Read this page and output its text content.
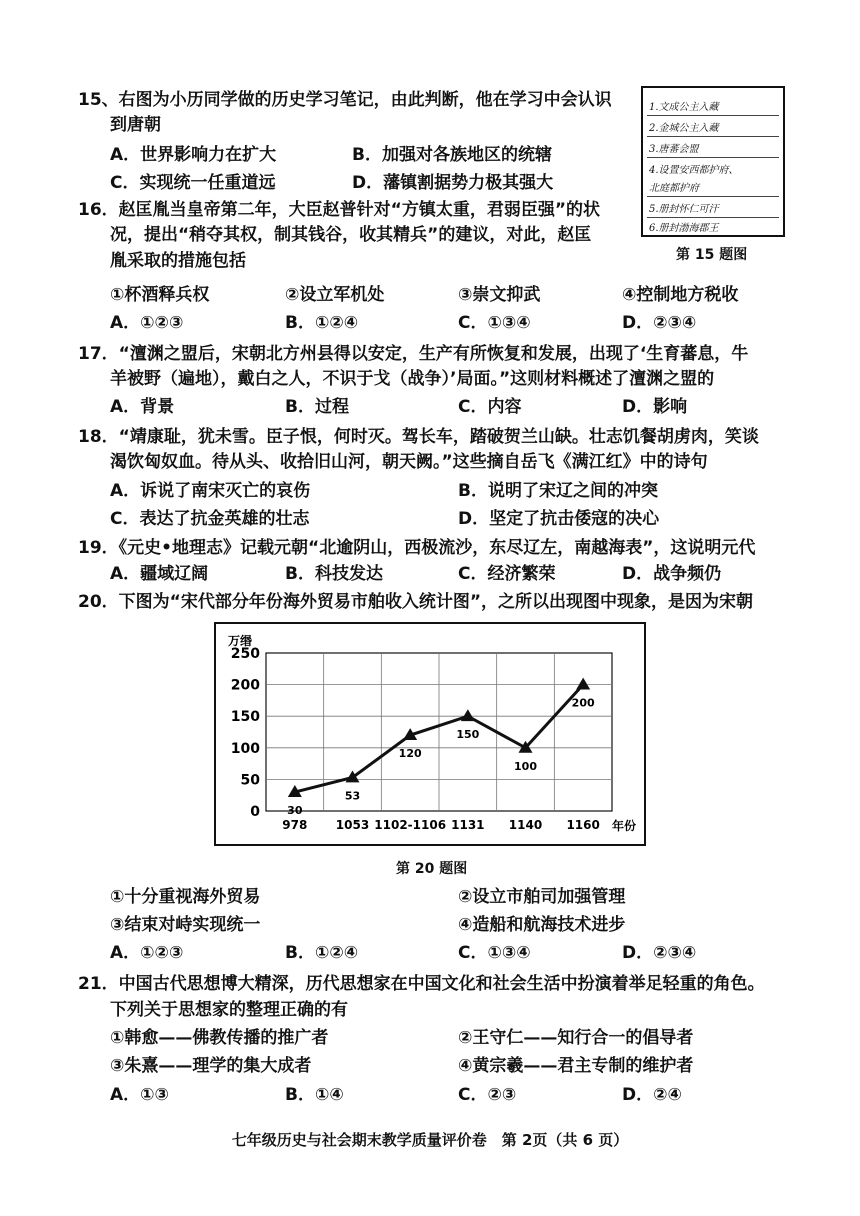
15、右图为小历同学做的历史学习笔记，由此判断，他在学习中会认识
到唐朝
A．世界影响力在扩大	B．加强对各族地区的统辖
C．实现统一任重道远	D．藩镇割据势力极其强大
1.文成公主入藏
2.金城公主入藏
3.唐蕃会盟
4.设置安西都护府、
北庭都护府
5.册封怀仁可汗
6.册封渤海郡王
第 15 题图
16．赵匡胤当皇帝第二年，大臣赵普针对“方镇太重，君弱臣强”的状
况，提出“稍夺其权，制其钱谷，收其精兵”的建议，对此，赵匡
胤采取的措施包括
①杯酒释兵权	②设立军机处	③崇文抑武	④控制地方税收
A．①②③	B．①②④	C．①③④	D．②③④
17．“澶渊之盟后，宋朝北方州县得以安定，生产有所恢复和发展，出现了‘生育蕃息，牛
羊被野（遍地），戴白之人，不识于戈（战争）’局面。”这则材料概述了澶渊之盟的
A．背景	B．过程	C．内容	D．影响
18．“靖康耻，犹未雪。臣子恨，何时灭。驾长车，踏破贺兰山缺。壮志饥餐胡虏肉，笑谈
渴饮匈奴血。待从头、收拾旧山河，朝天阙。”这些摘自岳飞《满江红》中的诗句
A．诉说了南宋灭亡的哀伤	B．说明了宋辽之间的冲突
C．表达了抗金英雄的壮志	D．坚定了抗击倭寇的决心
19．《元史•地理志》记载元朝“北逾阴山，西极流沙，东尽辽左，南越海表”，这说明元代
A．疆域辽阔	B．科技发达	C．经济繁荣	D．战争频仍
20．下图为“宋代部分年份海外贸易市舶收入统计图”，之所以出现图中现象，是因为宋朝
万缗
年份
0
50
100
150
200
250
978 1053 1102-1106 1131 1140 1160
30
53
120
150
100
200
第 20 题图
①十分重视海外贸易	②设立市舶司加强管理
③结束对峙实现统一	④造船和航海技术进步
A．①②③	B．①②④	C．①③④	D．②③④
21．中国古代思想博大精深，历代思想家在中国文化和社会生活中扮演着举足轻重的角色。
下列关于思想家的整理正确的有
①韩愈——佛教传播的推广者	②王守仁——知行合一的倡导者
③朱熹——理学的集大成者	④黄宗羲——君主专制的维护者
A．①③	B．①④	C．②③	D．②④
七年级历史与社会期末教学质量评价卷　第 2页（共 6 页）
